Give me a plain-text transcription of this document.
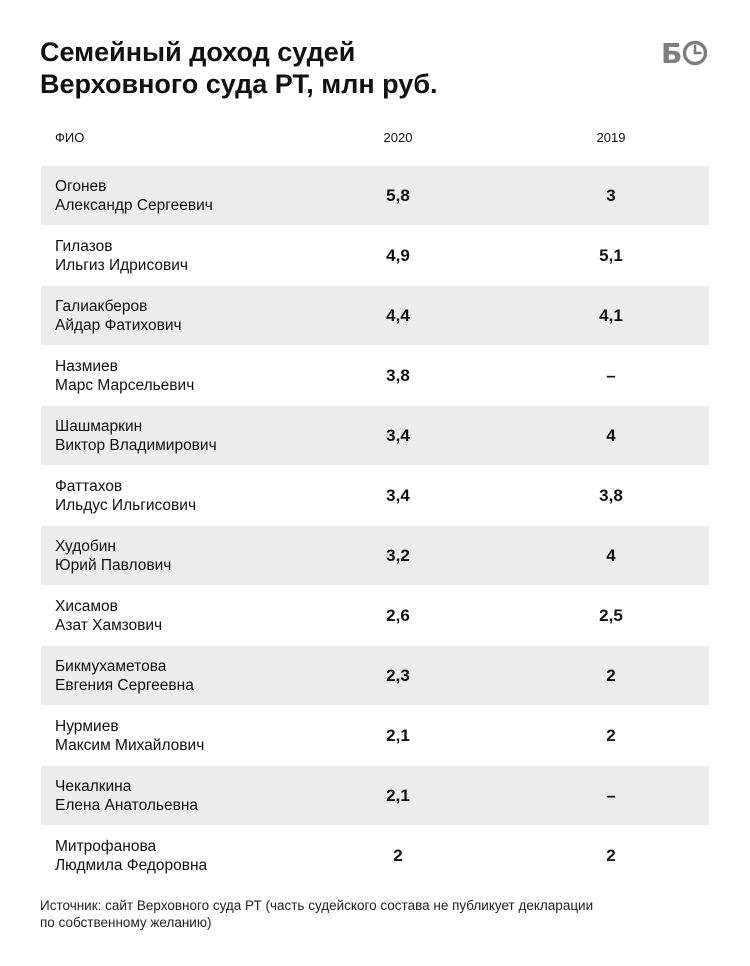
Семейный доход судей
Верховного суда РТ, млн руб.
Б
ФИО	2020	2019
Огонев
Александр Сергеевич
5,8	3
Гилазов
Ильгиз Идрисович
4,9	5,1
Галиакберов
Айдар Фатихович
4,4	4,1
Назмиев
Марс Марсельевич
3,8	–
Шашмаркин
Виктор Владимирович
3,4	4
Фаттахов
Ильдус Ильгисович
3,4	3,8
Худобин
Юрий Павлович
3,2	4
Хисамов
Азат Хамзович
2,6	2,5
Бикмухаметова
Евгения Сергеевна
2,3	2
Нурмиев
Максим Михайлович
2,1	2
Чекалкина
Елена Анатольевна
2,1	–
Митрофанова
Людмила Федоровна
2	2
Источник: сайт Верховного суда РТ (часть судейского состава не публикует декларации
по собственному желанию)
